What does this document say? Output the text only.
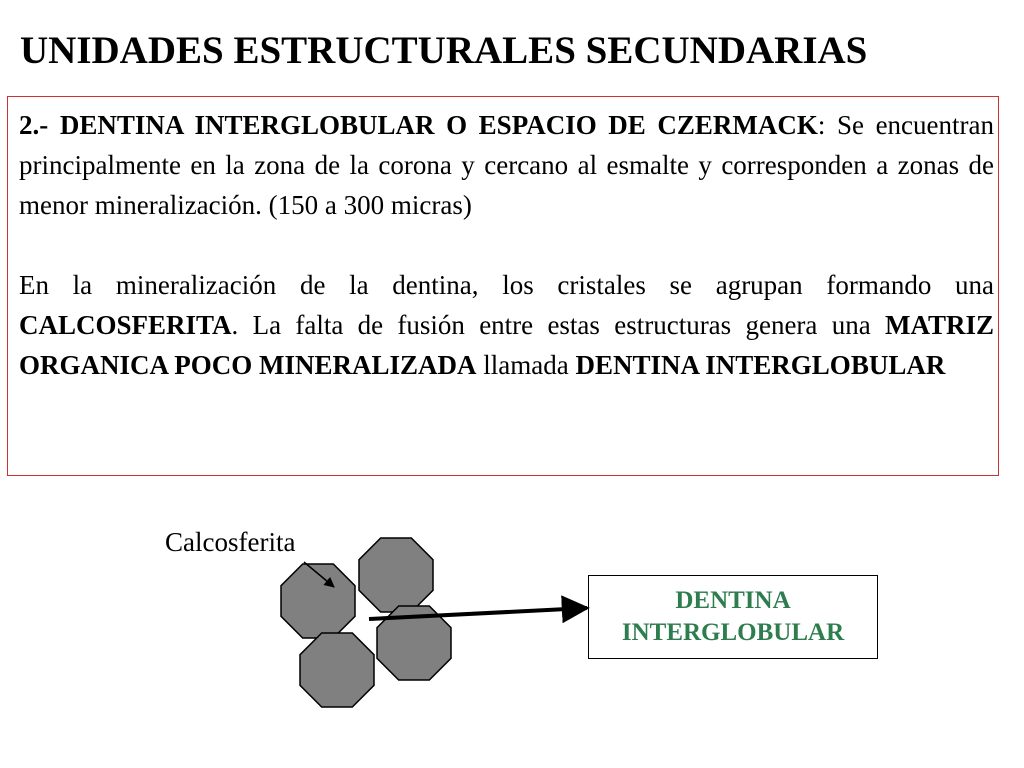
UNIDADES ESTRUCTURALES SECUNDARIAS

2.- DENTINA INTERGLOBULAR O ESPACIO DE CZERMACK: Se encuentran principalmente en la zona de la corona y cercano al esmalte y corresponden a zonas de menor mineralización. (150 a 300 micras)

En la mineralización de la dentina, los cristales se agrupan formando una CALCOSFERITA. La falta de fusión entre estas estructuras genera una MATRIZ ORGANICA POCO MINERALIZADA llamada DENTINA INTERGLOBULAR

Calcosferita
DENTINA
INTERGLOBULAR
